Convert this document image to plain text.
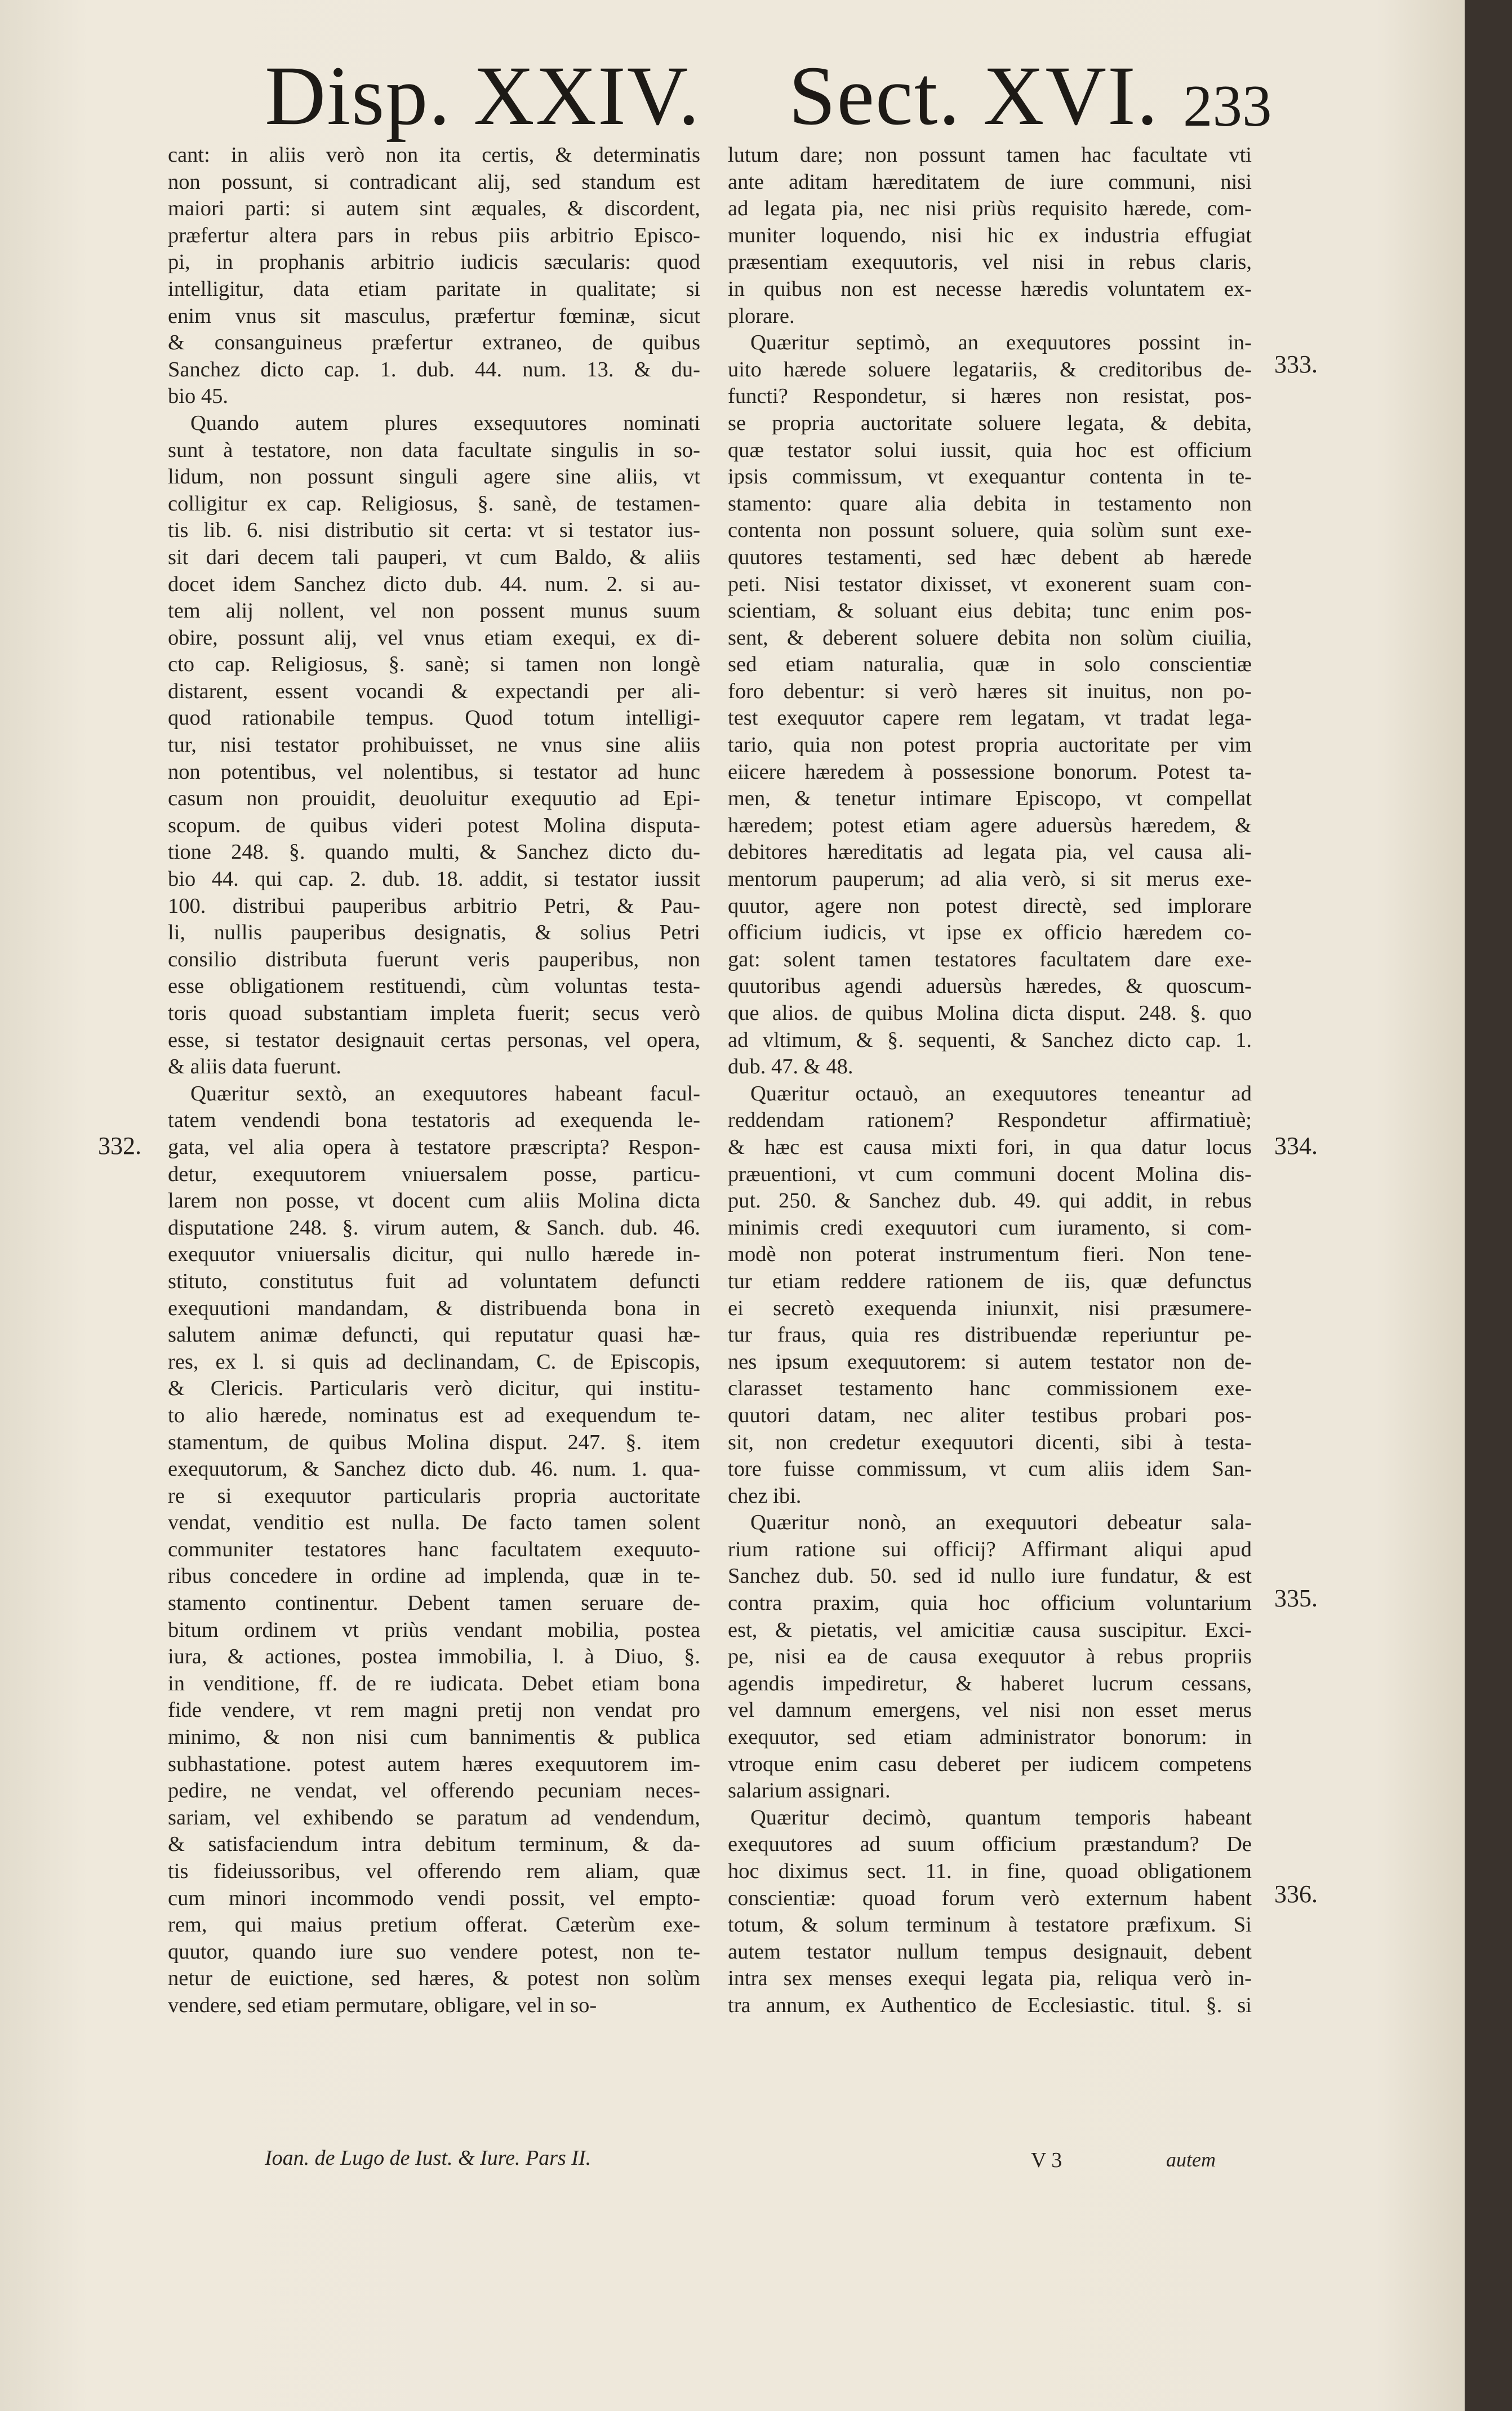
Disp. XXIV. Sect. XVI. 233
cant: in aliis verò non ita certis, & determinatis
non possunt, si contradicant alij, sed standum est
maiori parti: si autem sint æquales, & discordent,
præfertur altera pars in rebus piis arbitrio Episco-
pi, in prophanis arbitrio iudicis sæcularis: quod
intelligitur, data etiam paritate in qualitate; si
enim vnus sit masculus, præfertur fœminæ, sicut
& consanguineus præfertur extraneo, de quibus
Sanchez dicto cap. 1. dub. 44. num. 13. & du-
bio 45.
Quando autem plures exsequutores nominati
sunt à testatore, non data facultate singulis in so-
lidum, non possunt singuli agere sine aliis, vt
colligitur ex cap. Religiosus, §. sanè, de testamen-
tis lib. 6. nisi distributio sit certa: vt si testator ius-
sit dari decem tali pauperi, vt cum Baldo, & aliis
docet idem Sanchez dicto dub. 44. num. 2. si au-
tem alij nollent, vel non possent munus suum
obire, possunt alij, vel vnus etiam exequi, ex di-
cto cap. Religiosus, §. sanè; si tamen non longè
distarent, essent vocandi & expectandi per ali-
quod rationabile tempus. Quod totum intelligi-
tur, nisi testator prohibuisset, ne vnus sine aliis
non potentibus, vel nolentibus, si testator ad hunc
casum non prouidit, deuoluitur exequutio ad Epi-
scopum. de quibus videri potest Molina disputa-
tione 248. §. quando multi, & Sanchez dicto du-
bio 44. qui cap. 2. dub. 18. addit, si testator iussit
100. distribui pauperibus arbitrio Petri, & Pau-
li, nullis pauperibus designatis, & solius Petri
consilio distributa fuerunt veris pauperibus, non
esse obligationem restituendi, cùm voluntas testa-
toris quoad substantiam impleta fuerit; secus verò
esse, si testator designauit certas personas, vel opera,
& aliis data fuerunt.
Quæritur sextò, an exequutores habeant facul-
tatem vendendi bona testatoris ad exequenda le-
gata, vel alia opera à testatore præscripta? Respon-
detur, exequutorem vniuersalem posse, particu-
larem non posse, vt docent cum aliis Molina dicta
disputatione 248. §. virum autem, & Sanch. dub. 46.
exequutor vniuersalis dicitur, qui nullo hærede in-
stituto, constitutus fuit ad voluntatem defuncti
exequutioni mandandam, & distribuenda bona in
salutem animæ defuncti, qui reputatur quasi hæ-
res, ex l. si quis ad declinandam, C. de Episcopis,
& Clericis. Particularis verò dicitur, qui institu-
to alio hærede, nominatus est ad exequendum te-
stamentum, de quibus Molina disput. 247. §. item
exequutorum, & Sanchez dicto dub. 46. num. 1. qua-
re si exequutor particularis propria auctoritate
vendat, venditio est nulla. De facto tamen solent
communiter testatores hanc facultatem exequuto-
ribus concedere in ordine ad implenda, quæ in te-
stamento continentur. Debent tamen seruare de-
bitum ordinem vt priùs vendant mobilia, postea
iura, & actiones, postea immobilia, l. à Diuo, §.
in venditione, ff. de re iudicata. Debet etiam bona
fide vendere, vt rem magni pretij non vendat pro
minimo, & non nisi cum bannimentis & publica
subhastatione. potest autem hæres exequutorem im-
pedire, ne vendat, vel offerendo pecuniam neces-
sariam, vel exhibendo se paratum ad vendendum,
& satisfaciendum intra debitum terminum, & da-
tis fideiussoribus, vel offerendo rem aliam, quæ
cum minori incommodo vendi possit, vel empto-
rem, qui maius pretium offerat. Cæterùm exe-
quutor, quando iure suo vendere potest, non te-
netur de euictione, sed hæres, & potest non solùm
vendere, sed etiam permutare, obligare, vel in so-
lutum dare; non possunt tamen hac facultate vti
ante aditam hæreditatem de iure communi, nisi
ad legata pia, nec nisi priùs requisito hærede, com-
muniter loquendo, nisi hic ex industria effugiat
præsentiam exequutoris, vel nisi in rebus claris,
in quibus non est necesse hæredis voluntatem ex-
plorare.
Quæritur septimò, an exequutores possint in-
uito hærede soluere legatariis, & creditoribus de-
functi? Respondetur, si hæres non resistat, pos-
se propria auctoritate soluere legata, & debita,
quæ testator solui iussit, quia hoc est officium
ipsis commissum, vt exequantur contenta in te-
stamento: quare alia debita in testamento non
contenta non possunt soluere, quia solùm sunt exe-
quutores testamenti, sed hæc debent ab hærede
peti. Nisi testator dixisset, vt exonerent suam con-
scientiam, & soluant eius debita; tunc enim pos-
sent, & deberent soluere debita non solùm ciuilia,
sed etiam naturalia, quæ in solo conscientiæ
foro debentur: si verò hæres sit inuitus, non po-
test exequutor capere rem legatam, vt tradat lega-
tario, quia non potest propria auctoritate per vim
eiicere hæredem à possessione bonorum. Potest ta-
men, & tenetur intimare Episcopo, vt compellat
hæredem; potest etiam agere aduersùs hæredem, &
debitores hæreditatis ad legata pia, vel causa ali-
mentorum pauperum; ad alia verò, si sit merus exe-
quutor, agere non potest directè, sed implorare
officium iudicis, vt ipse ex officio hæredem co-
gat: solent tamen testatores facultatem dare exe-
quutoribus agendi aduersùs hæredes, & quoscum-
que alios. de quibus Molina dicta disput. 248. §. quo
ad vltimum, & §. sequenti, & Sanchez dicto cap. 1.
dub. 47. & 48.
Quæritur octauò, an exequutores teneantur ad
reddendam rationem? Respondetur affirmatiuè;
& hæc est causa mixti fori, in qua datur locus
præuentioni, vt cum communi docent Molina dis-
put. 250. & Sanchez dub. 49. qui addit, in rebus
minimis credi exequutori cum iuramento, si com-
modè non poterat instrumentum fieri. Non tene-
tur etiam reddere rationem de iis, quæ defunctus
ei secretò exequenda iniunxit, nisi præsumere-
tur fraus, quia res distribuendæ reperiuntur pe-
nes ipsum exequutorem: si autem testator non de-
clarasset testamento hanc commissionem exe-
quutori datam, nec aliter testibus probari pos-
sit, non credetur exequutori dicenti, sibi à testa-
tore fuisse commissum, vt cum aliis idem San-
chez ibi.
Quæritur nonò, an exequutori debeatur sala-
rium ratione sui officij? Affirmant aliqui apud
Sanchez dub. 50. sed id nullo iure fundatur, & est
contra praxim, quia hoc officium voluntarium
est, & pietatis, vel amicitiæ causa suscipitur. Exci-
pe, nisi ea de causa exequutor à rebus propriis
agendis impediretur, & haberet lucrum cessans,
vel damnum emergens, vel nisi non esset merus
exequutor, sed etiam administrator bonorum: in
vtroque enim casu deberet per iudicem competens
salarium assignari.
Quæritur decimò, quantum temporis habeant
exequutores ad suum officium præstandum? De
hoc diximus sect. 11. in fine, quoad obligationem
conscientiæ: quoad forum verò externum habent
totum, & solum terminum à testatore præfixum. Si
autem testator nullum tempus designauit, debent
intra sex menses exequi legata pia, reliqua verò in-
tra annum, ex Authentico de Ecclesiastic. titul. §. si
332.
333.
334.
335.
336.
Ioan. de Lugo de Iust. & Iure. Pars II.	V 3	autem
